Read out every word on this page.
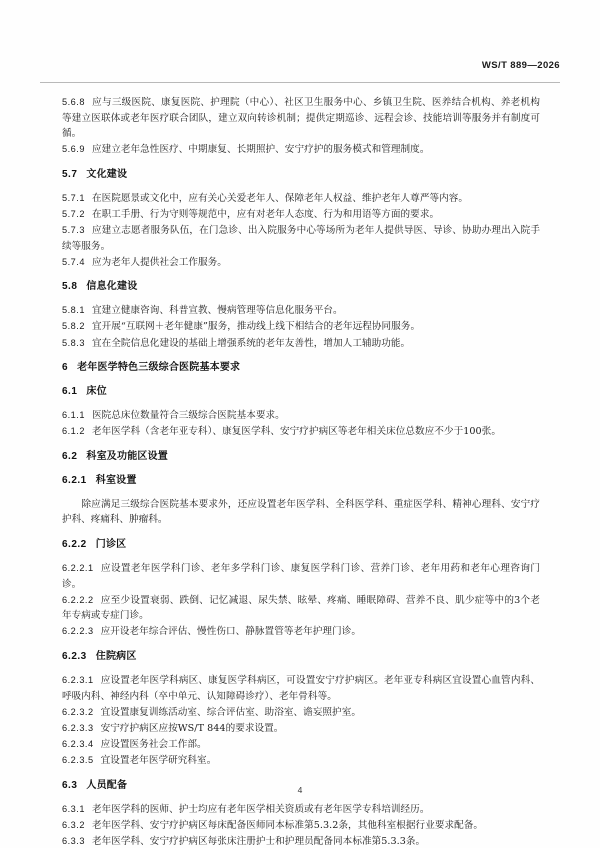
WS/T 889—2026

5.6.8 应与三级医院、康复医院、护理院（中心）、社区卫生服务中心、乡镇卫生院、医养结合机构、养老机构等建立医联体或老年医疗联合团队，建立双向转诊机制；提供定期巡诊、远程会诊、技能培训等服务并有制度可循。

5.6.9 应建立老年急性医疗、中期康复、长期照护、安宁疗护的服务模式和管理制度。

5.7 文化建设

5.7.1 在医院愿景或文化中，应有关心关爱老年人、保障老年人权益、维护老年人尊严等内容。

5.7.2 在职工手册、行为守则等规范中，应有对老年人态度、行为和用语等方面的要求。

5.7.3 应建立志愿者服务队伍，在门急诊、出入院服务中心等场所为老年人提供导医、导诊、协助办理出入院手续等服务。

5.7.4 应为老年人提供社会工作服务。

5.8 信息化建设

5.8.1 宜建立健康咨询、科普宣教、慢病管理等信息化服务平台。

5.8.2 宜开展“互联网＋老年健康”服务，推动线上线下相结合的老年远程协同服务。

5.8.3 宜在全院信息化建设的基础上增强系统的老年友善性，增加人工辅助功能。

6 老年医学特色三级综合医院基本要求

6.1 床位

6.1.1 医院总床位数量符合三级综合医院基本要求。

6.1.2 老年医学科（含老年亚专科）、康复医学科、安宁疗护病区等老年相关床位总数应不少于100张。

6.2 科室及功能区设置

6.2.1 科室设置

除应满足三级综合医院基本要求外，还应设置老年医学科、全科医学科、重症医学科、精神心理科、安宁疗护科、疼痛科、肿瘤科。

6.2.2 门诊区

6.2.2.1 应设置老年医学科门诊、老年多学科门诊、康复医学科门诊、营养门诊、老年用药和老年心理咨询门诊。

6.2.2.2 应至少设置衰弱、跌倒、记忆减退、尿失禁、眩晕、疼痛、睡眠障碍、营养不良、肌少症等中的3个老年专病或专症门诊。

6.2.2.3 应开设老年综合评估、慢性伤口、静脉置管等老年护理门诊。

6.2.3 住院病区

6.2.3.1 应设置老年医学科病区、康复医学科病区，可设置安宁疗护病区。老年亚专科病区宜设置心血管内科、呼吸内科、神经内科（卒中单元、认知障碍诊疗）、老年骨科等。

6.2.3.2 宜设置康复训练活动室、综合评估室、助浴室、谵妄照护室。

6.2.3.3 安宁疗护病区应按WS/T 844的要求设置。

6.2.3.4 应设置医务社会工作部。

6.2.3.5 宜设置老年医学研究科室。

6.3 人员配备

6.3.1 老年医学科的医师、护士均应有老年医学相关资质或有老年医学专科培训经历。

6.3.2 老年医学科、安宁疗护病区每床配备医师同本标准第5.3.2条，其他科室根据行业要求配备。

6.3.3 老年医学科、安宁疗护病区每张床注册护士和护理员配备同本标准第5.3.3条。

4
